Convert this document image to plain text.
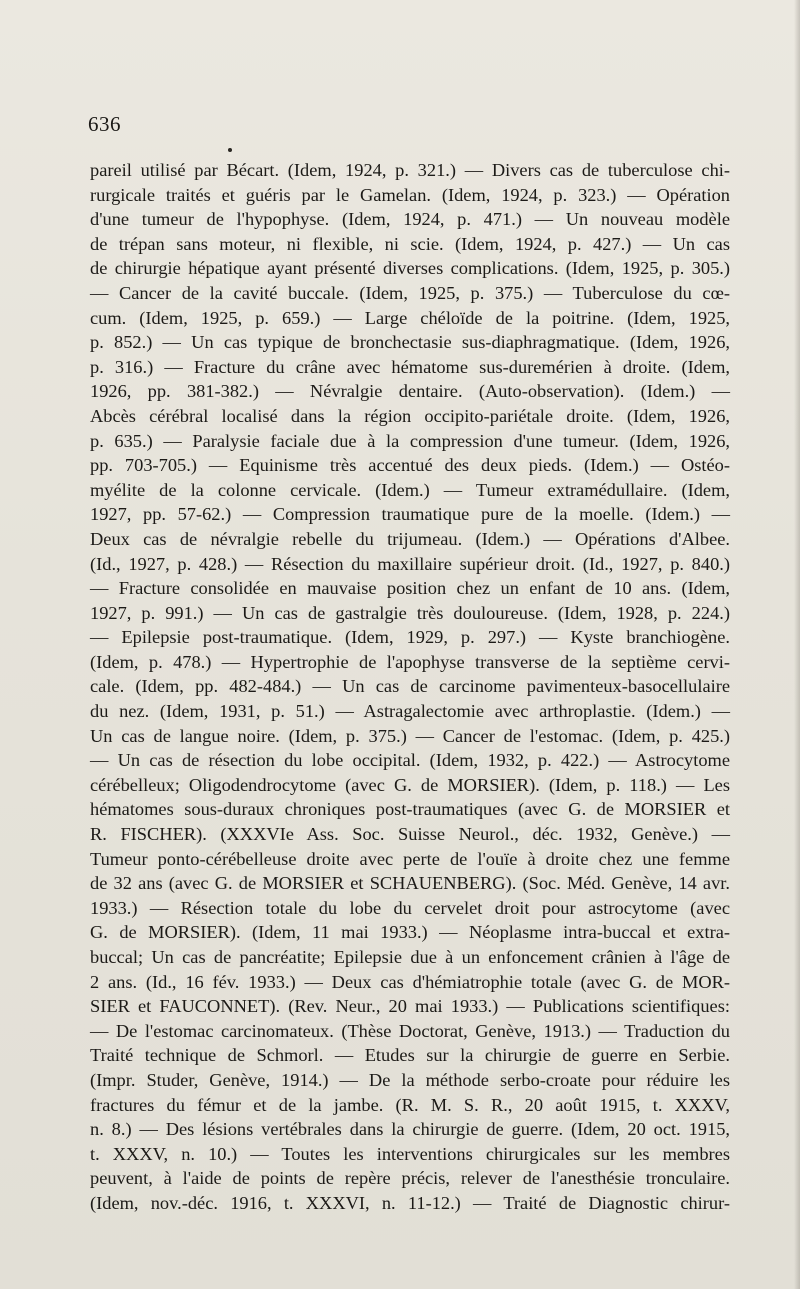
636
pareil utilisé par Bécart. (Idem, 1924, p. 321.) — Divers cas de tuberculose chi-
rurgicale traités et guéris par le Gamelan. (Idem, 1924, p. 323.) — Opération
d'une tumeur de l'hypophyse. (Idem, 1924, p. 471.) — Un nouveau modèle
de trépan sans moteur, ni flexible, ni scie. (Idem, 1924, p. 427.) — Un cas
de chirurgie hépatique ayant présenté diverses complications. (Idem, 1925, p. 305.)
— Cancer de la cavité buccale. (Idem, 1925, p. 375.) — Tuberculose du cœ-
cum. (Idem, 1925, p. 659.) — Large chéloïde de la poitrine. (Idem, 1925,
p. 852.) — Un cas typique de bronchectasie sus-diaphragmatique. (Idem, 1926,
p. 316.) — Fracture du crâne avec hématome sus-duremérien à droite. (Idem,
1926, pp. 381-382.) — Névralgie dentaire. (Auto-observation). (Idem.) —
Abcès cérébral localisé dans la région occipito-pariétale droite. (Idem, 1926,
p. 635.) — Paralysie faciale due à la compression d'une tumeur. (Idem, 1926,
pp. 703-705.) — Equinisme très accentué des deux pieds. (Idem.) — Ostéo-
myélite de la colonne cervicale. (Idem.) — Tumeur extramédullaire. (Idem,
1927, pp. 57-62.) — Compression traumatique pure de la moelle. (Idem.) —
Deux cas de névralgie rebelle du trijumeau. (Idem.) — Opérations d'Albee.
(Id., 1927, p. 428.) — Résection du maxillaire supérieur droit. (Id., 1927, p. 840.)
— Fracture consolidée en mauvaise position chez un enfant de 10 ans. (Idem,
1927, p. 991.) — Un cas de gastralgie très douloureuse. (Idem, 1928, p. 224.)
— Epilepsie post-traumatique. (Idem, 1929, p. 297.) — Kyste branchiogène.
(Idem, p. 478.) — Hypertrophie de l'apophyse transverse de la septième cervi-
cale. (Idem, pp. 482-484.) — Un cas de carcinome pavimenteux-basocellulaire
du nez. (Idem, 1931, p. 51.) — Astragalectomie avec arthroplastie. (Idem.) —
Un cas de langue noire. (Idem, p. 375.) — Cancer de l'estomac. (Idem, p. 425.)
— Un cas de résection du lobe occipital. (Idem, 1932, p. 422.) — Astrocytome
cérébelleux; Oligodendrocytome (avec G. de MORSIER). (Idem, p. 118.) — Les
hématomes sous-duraux chroniques post-traumatiques (avec G. de MORSIER et
R. FISCHER). (XXXVIe Ass. Soc. Suisse Neurol., déc. 1932, Genève.) —
Tumeur ponto-cérébelleuse droite avec perte de l'ouïe à droite chez une femme
de 32 ans (avec G. de MORSIER et SCHAUENBERG). (Soc. Méd. Genève, 14 avr.
1933.) — Résection totale du lobe du cervelet droit pour astrocytome (avec
G. de MORSIER). (Idem, 11 mai 1933.) — Néoplasme intra-buccal et extra-
buccal; Un cas de pancréatite; Epilepsie due à un enfoncement crânien à l'âge de
2 ans. (Id., 16 fév. 1933.) — Deux cas d'hémiatrophie totale (avec G. de MOR-
SIER et FAUCONNET). (Rev. Neur., 20 mai 1933.) — Publications scientifiques:
— De l'estomac carcinomateux. (Thèse Doctorat, Genève, 1913.) — Traduction du
Traité technique de Schmorl. — Etudes sur la chirurgie de guerre en Serbie.
(Impr. Studer, Genève, 1914.) — De la méthode serbo-croate pour réduire les
fractures du fémur et de la jambe. (R. M. S. R., 20 août 1915, t. XXXV,
n. 8.) — Des lésions vertébrales dans la chirurgie de guerre. (Idem, 20 oct. 1915,
t. XXXV, n. 10.) — Toutes les interventions chirurgicales sur les membres
peuvent, à l'aide de points de repère précis, relever de l'anesthésie tronculaire.
(Idem, nov.-déc. 1916, t. XXXVI, n. 11-12.) — Traité de Diagnostic chirur-
